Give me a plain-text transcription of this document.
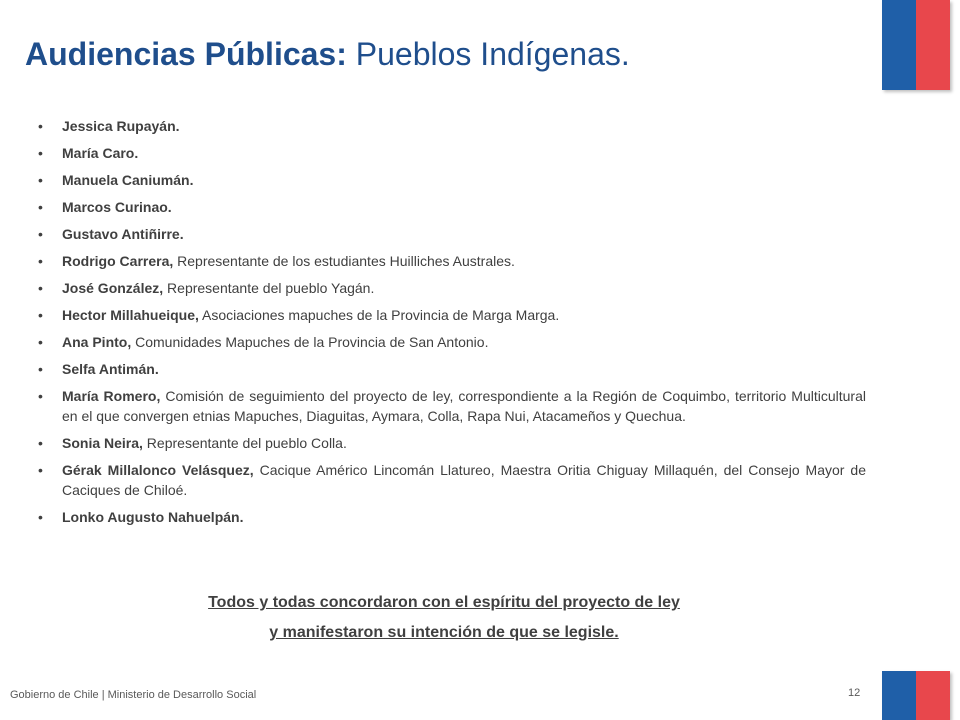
Audiencias Públicas: Pueblos Indígenas.
• Jessica Rupayán.
• María Caro.
• Manuela Caniumán.
• Marcos Curinao.
• Gustavo Antiñirre.
• Rodrigo Carrera, Representante de los estudiantes Huilliches Australes.
• José González, Representante del pueblo Yagán.
• Hector Millahueique, Asociaciones mapuches de la Provincia de Marga Marga.
• Ana Pinto, Comunidades Mapuches de la Provincia de San Antonio.
• Selfa Antimán.
• María Romero, Comisión de seguimiento del proyecto de ley, correspondiente a la Región de Coquimbo, territorio Multicultural en el que convergen etnias Mapuches, Diaguitas, Aymara, Colla, Rapa Nui, Atacameños y Quechua.
• Sonia Neira, Representante del pueblo Colla.
• Gérak Millalonco Velásquez, Cacique Américo Lincomán Llatureo, Maestra Oritia Chiguay Millaquén, del Consejo Mayor de Caciques de Chiloé.
• Lonko Augusto Nahuelpán.
Todos y todas concordaron con el espíritu del proyecto de ley
y manifestaron su intención de que se legisle.
Gobierno de Chile | Ministerio de Desarrollo Social	12
